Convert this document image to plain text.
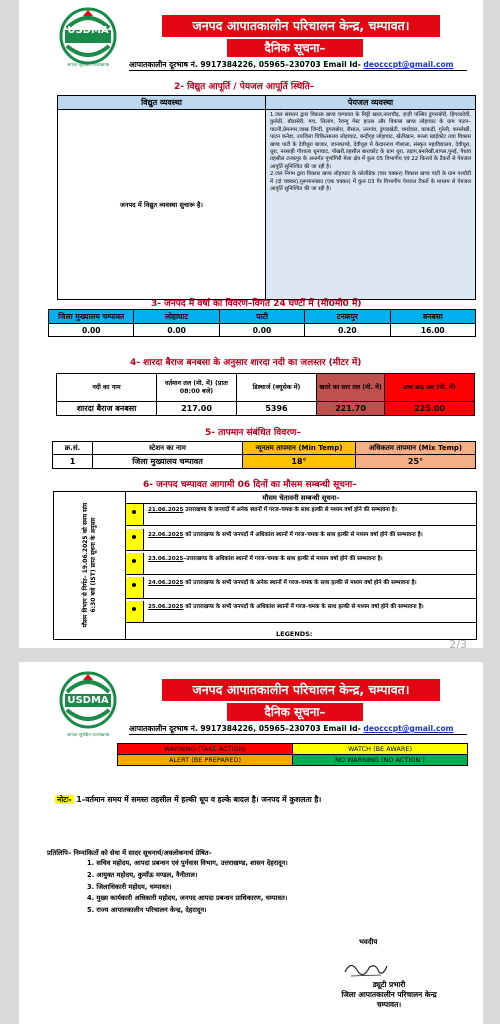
USDMA
आपदा सुरक्षित उत्तराखण्ड
जनपद आपातकालीन परिचालन केन्द्र, चम्पावत।
दैनिक सूचना–
आपातकालीन दूरभाष नं. 9917384226, 05965–230703 Email Id- deocccpt@gmail.com
2- विद्युत आपूर्ति / पेयजल आपूर्ति स्थिति–
विद्युत व्यवस्था	पेयजल व्यवस्था
जनपद में विद्युत व्यवस्था सुचारू है।	1.जल संस्थान द्वारा विकास खण्ड चम्पावत के मिट्टी खाल,नाराचौड़, ज़ज़ी पल्सिर डुंगराबोरी, हिंगलादेवी, कुलेठी, बौडासेरी, मच, लिलांग, रैवन्यू गेस्ट हाउस और विकास खण्ड लोहाघाट के ग्राम पाटन–पाटनी,प्रेमनगर,जाख जिन्दी, डुंगराबोरा, रौसाल, उनगांव, डुंगराखेटी, चमदेवल, काकड़ी, गुरेली, कमलेखी, पाटन कनेडा, उपजिला चिकित्सालय लोहाघाट, बन्दीगृह लोहाघाट, खेतीखान, मल्ला खाईकोट तथा विकास खण्ड पाटी के देवीधूरा बाजार, जानकाण्डे, देवीधूरा में केदारनाथ गौशाला, संस्कृत महाविद्यालय, देवीधूरा, धूरा, नरसाही गौशाला धूनाघाट, पोखरी,तहसील बाराकोट के ग्राम धूरा, तड़ाग,बनलेखी,बापल,पुनई, पैधाव तहसील टनकपुर के अन्तर्गत पूर्णागिरी मेला क्षेत्र में कुल 05 विभागीय एवं 22 किराये के टैंकरों से पेयजल आपूर्ति सुनिश्चित की जा रही है।
2.जल निगम द्वारा विकास खण्ड लोहाघाट के कोलीढेक (चार चक्कर) विकास खण्ड पाटी के ग्राम पत्थौटी में (दो चक्कर),गुरूमानाबाद (एक चक्कर) में कुल 03 गैर विभागीय पेयजल टैंकरों के माध्यम से पेयजल आपूर्ति सुनिश्चित की जा रही है।
3- जनपद में वर्षा का विवरण–विगत 24 घण्टों में (मी0मी0 में)
जिला मुख्यालय चम्पावत	लोहाघाट	पाटी	टनकपुर	बनबसा
0.00	0.00	0.00	0.20	16.00
4- शारदा बैराज बनबसा के अनुसार शारदा नदी का जलस्तर (मीटर में)
नदी का नाम	वर्तमान तल (मी. में) (प्रातः 08:00 बजे)	डिस्चार्ज (क्यूसेक में)	खतरे का स्तर तल (मी. में)	उच्च बाढ़ तल (मी. में)
शारदा बैराज बनबसा	217.00	5396	221.70	225.00
5- तापमान संबंधित विवरण–
क्र.सं.	स्टेशन का नाम	न्यूनतम तापमान (Min Temp)	अधिकतम तापमान (Mix Temp)
1	जिला मुख्यालय चम्पावत	18°	25°
6- जनपद चम्पावत आगामी 06 दिनों का मौसम सम्बन्धी सूचना–
मौसम विभाग से निर्गत– 19.06.2025 को समय सांय 6:30 बजे (IST) प्राप्त सूचना के अनुसार
मौसम चेतावनी सम्बन्धी सूचना–
21.06.2025 उत्तराखण्ड के जनपदों में अनेक स्थानों में गरज–चमक के साथ हल्की से मध्यम वर्षा होने की सम्भावना है।
22.06.2025 को उत्तराखण्ड के सभी जनपदों में अधिकांश स्थानों में गरज–चमक के साथ हल्की से मध्यम वर्षा होने की सम्भावना है।
23.06.2025–उत्तराखण्ड के अधिकांश स्थानों में गरज–चमक के साथ हल्की से मध्यम वर्षा होने की सम्भावना है।
24.06.2025 को उत्तराखण्ड के सभी जनपदों के अनेक स्थानों में गरज–चमक के साथ हल्की से मध्यम वर्षा होने की सम्भावना है।
25.06.2025 को उत्तराखण्ड के सभी जनपदों के अधिकांश स्थानों में गरज–चमक के साथ हल्की से मध्यम वर्षा होने की सम्भावना है।
LEGENDS:
2/3
USDMA
आपदा सुरक्षित उत्तराखण्ड
जनपद आपातकालीन परिचालन केन्द्र, चम्पावत।
दैनिक सूचना–
आपातकालीन दूरभाष नं. 9917384226, 05965–230703 Email Id- deocccpt@gmail.com
WARNING (TAKE ACTION)	WATCH (BE AWARE)
ALERT (BE PREPARED)	NO WARNING (NO ACTION )
नोटः- 1–वर्तमान समय में समस्त तहसील में हल्की धूप व हल्के बादल है। जनपद में कुशलता है।
प्रतिलिपि– निम्नांकितों को सेवा में सादर सूचनार्थ/अवलोकनार्थ प्रेषित–
1. सचिव महोदय, आपदा प्रबन्धन एवं पुर्नवास विभाग, उत्तराखण्ड, शासन देहरादून।
2. आयुक्त महोदय, कुमाँऊ मण्डल, नैनीताल।
3. जिलाधिकारी महोदय, चम्पावत।
4. मुख्य कार्यकारी अधिकारी महोदय, जनपद आपदा प्रबन्धन प्राधिकारण, चम्पावत।
5. राज्य आपातकालीन परिचालन केन्द्र, देहरादून।
भवदीय
ड्यूटी प्रभारी
जिला आपातकालीन परिचालन केन्द्र
चम्पावत।
